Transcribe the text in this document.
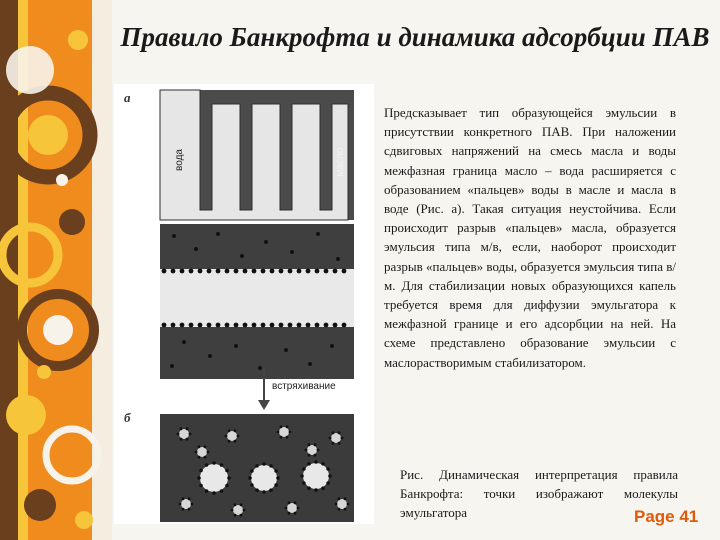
Правило Банкрофта и динамика адсорбции ПАВ
а
вода	масло
встряхивание
б

Предсказывает тип образующейся эмульсии в присутствии конкретного ПАВ. При наложении сдвиговых напряжений на смесь масла и воды межфазная граница масло – вода расширяется с образованием «пальцев» воды в масле и масла в воде (Рис. а). Такая ситуация неустойчива. Если происходит разрыв «пальцев» масла, образуется эмульсия типа м/в, если, наоборот происходит разрыв «пальцев» воды, образуется эмульсия типа в/м. Для стабилизации новых образующихся капель требуется время для диффузии эмульгатора к межфазной границе и его адсорбции на ней. На схеме представлено образование эмульсии с маслорастворимым стабилизатором.

Рис. Динамическая интерпретация правила Банкрофта: точки изображают молекулы эмульгатора	Page 41
